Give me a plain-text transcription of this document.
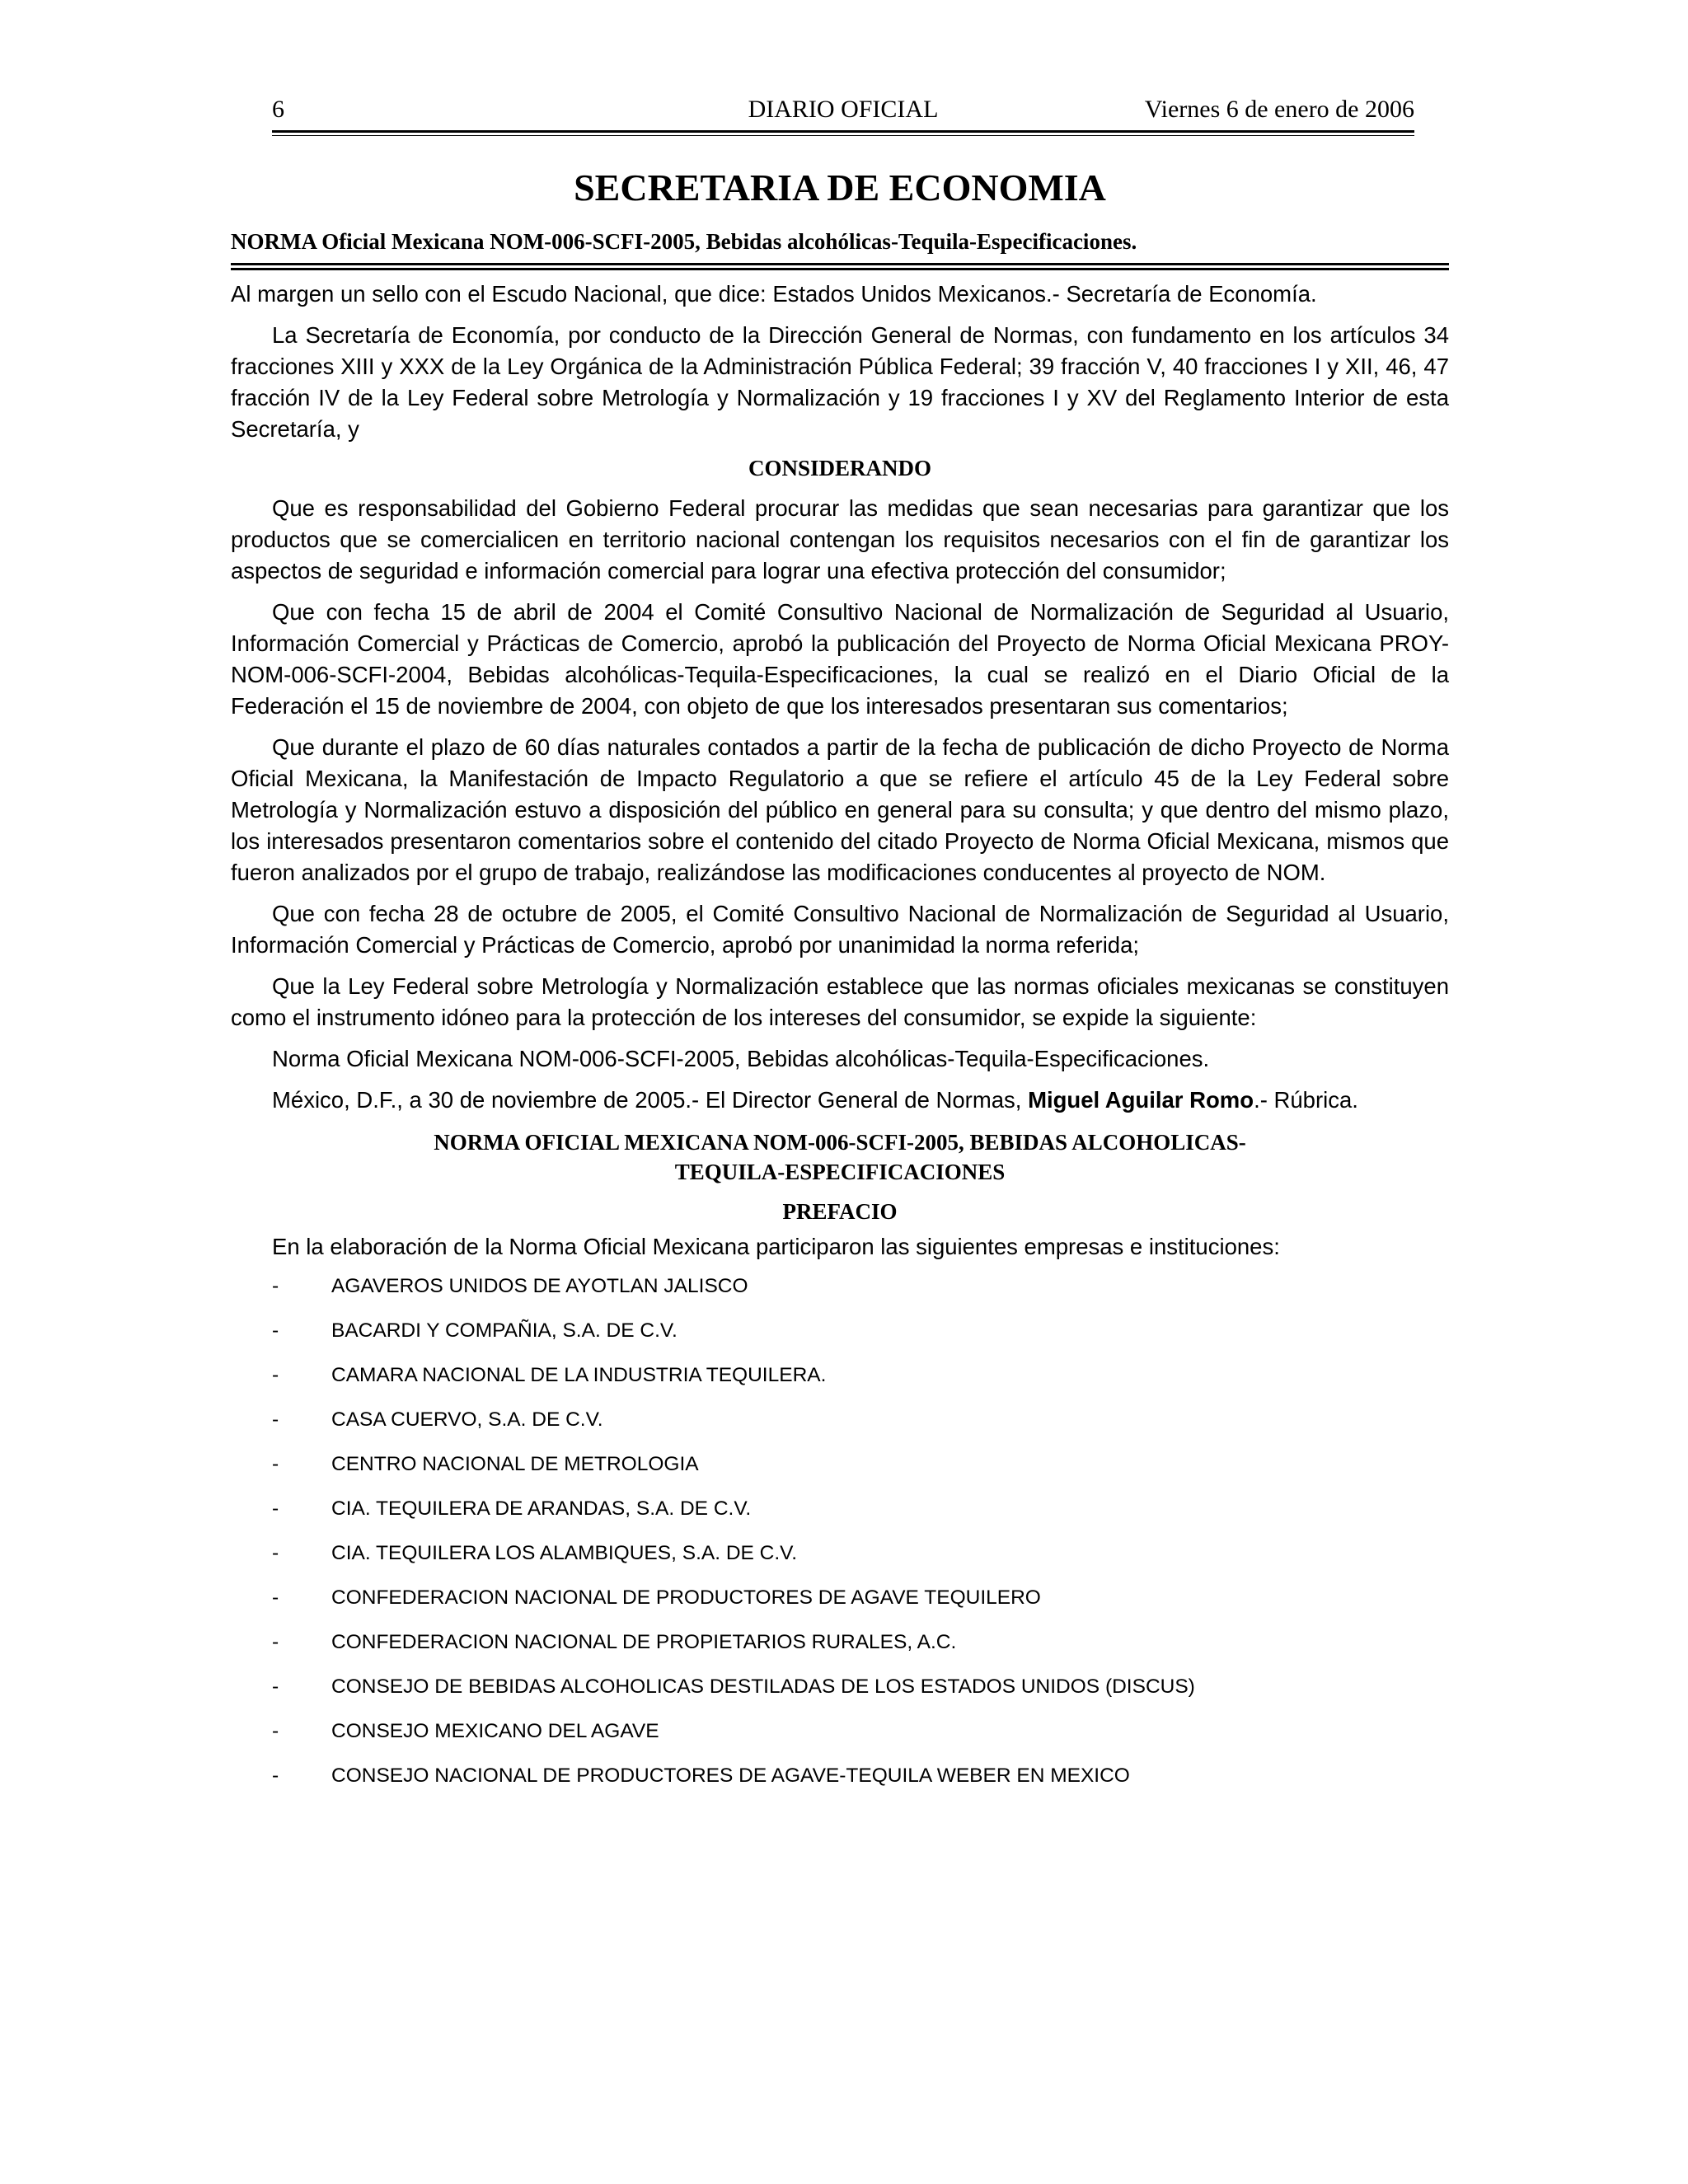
6	DIARIO OFICIAL	Viernes 6 de enero de 2006
SECRETARIA DE ECONOMIA
NORMA Oficial Mexicana NOM-006-SCFI-2005, Bebidas alcohólicas-Tequila-Especificaciones.

Al margen un sello con el Escudo Nacional, que dice: Estados Unidos Mexicanos.- Secretaría de Economía.

La Secretaría de Economía, por conducto de la Dirección General de Normas, con fundamento en los artículos 34 fracciones XIII y XXX de la Ley Orgánica de la Administración Pública Federal; 39 fracción V, 40 fracciones I y XII, 46, 47 fracción IV de la Ley Federal sobre Metrología y Normalización y 19 fracciones I y XV del Reglamento Interior de esta Secretaría, y

CONSIDERANDO

Que es responsabilidad del Gobierno Federal procurar las medidas que sean necesarias para garantizar que los productos que se comercialicen en territorio nacional contengan los requisitos necesarios con el fin de garantizar los aspectos de seguridad e información comercial para lograr una efectiva protección del consumidor;

Que con fecha 15 de abril de 2004 el Comité Consultivo Nacional de Normalización de Seguridad al Usuario, Información Comercial y Prácticas de Comercio, aprobó la publicación del Proyecto de Norma Oficial Mexicana PROY-NOM-006-SCFI-2004, Bebidas alcohólicas-Tequila-Especificaciones, la cual se realizó en el Diario Oficial de la Federación el 15 de noviembre de 2004, con objeto de que los interesados presentaran sus comentarios;

Que durante el plazo de 60 días naturales contados a partir de la fecha de publicación de dicho Proyecto de Norma Oficial Mexicana, la Manifestación de Impacto Regulatorio a que se refiere el artículo 45 de la Ley Federal sobre Metrología y Normalización estuvo a disposición del público en general para su consulta; y que dentro del mismo plazo, los interesados presentaron comentarios sobre el contenido del citado Proyecto de Norma Oficial Mexicana, mismos que fueron analizados por el grupo de trabajo, realizándose las modificaciones conducentes al proyecto de NOM.

Que con fecha 28 de octubre de 2005, el Comité Consultivo Nacional de Normalización de Seguridad al Usuario, Información Comercial y Prácticas de Comercio, aprobó por unanimidad la norma referida;

Que la Ley Federal sobre Metrología y Normalización establece que las normas oficiales mexicanas se constituyen como el instrumento idóneo para la protección de los intereses del consumidor, se expide la siguiente:

Norma Oficial Mexicana NOM-006-SCFI-2005, Bebidas alcohólicas-Tequila-Especificaciones.

México, D.F., a 30 de noviembre de 2005.- El Director General de Normas, Miguel Aguilar Romo.- Rúbrica.

NORMA OFICIAL MEXICANA NOM-006-SCFI-2005, BEBIDAS ALCOHOLICAS-
TEQUILA-ESPECIFICACIONES
PREFACIO

En la elaboración de la Norma Oficial Mexicana participaron las siguientes empresas e instituciones:

-	AGAVEROS UNIDOS DE AYOTLAN JALISCO
-	BACARDI Y COMPAÑIA, S.A. DE C.V.
-	CAMARA NACIONAL DE LA INDUSTRIA TEQUILERA.
-	CASA CUERVO, S.A. DE C.V.
-	CENTRO NACIONAL DE METROLOGIA
-	CIA. TEQUILERA DE ARANDAS, S.A. DE C.V.
-	CIA. TEQUILERA LOS ALAMBIQUES, S.A. DE C.V.
-	CONFEDERACION NACIONAL DE PRODUCTORES DE AGAVE TEQUILERO
-	CONFEDERACION NACIONAL DE PROPIETARIOS RURALES, A.C.
-	CONSEJO DE BEBIDAS ALCOHOLICAS DESTILADAS DE LOS ESTADOS UNIDOS (DISCUS)
-	CONSEJO MEXICANO DEL AGAVE
-	CONSEJO NACIONAL DE PRODUCTORES DE AGAVE-TEQUILA WEBER EN MEXICO
